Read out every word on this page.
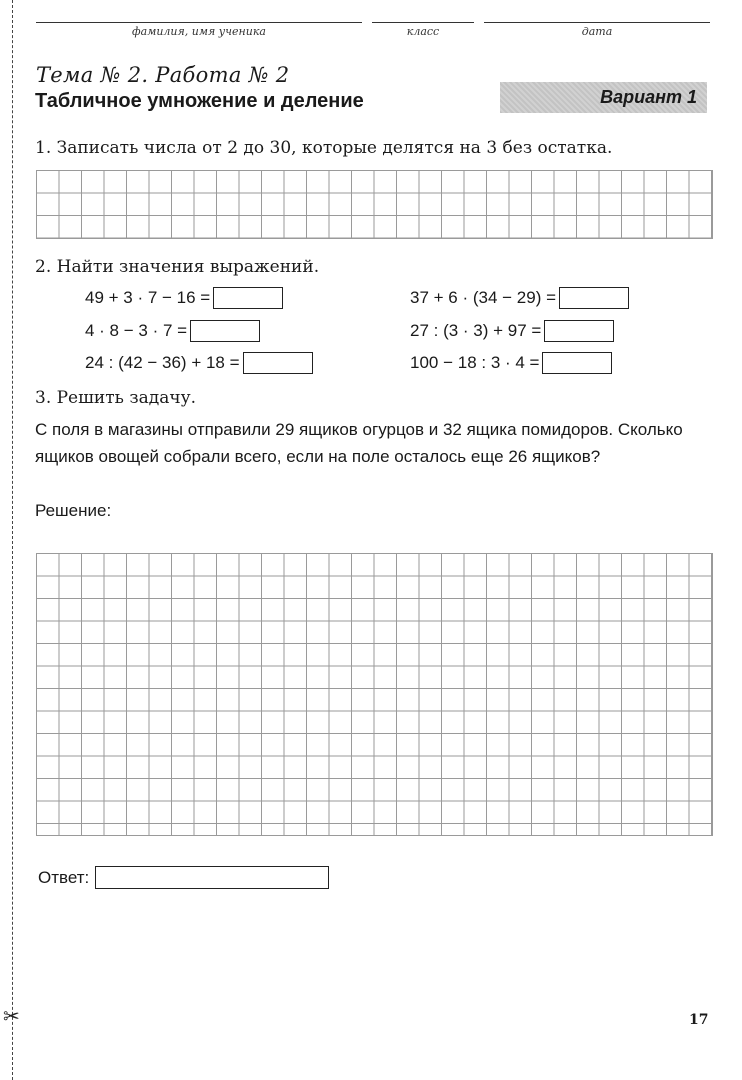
✂
фамилия, имя ученика	класс	дата
Тема № 2. Работа № 2
Табличное умножение и деление	Вариант 1
1. Записать числа от 2 до 30, которые делятся на 3 без остатка.
2. Найти значения выражений.
49 + 3 · 7 − 16 =
4 · 8 − 3 · 7 =
24 : (42 − 36) + 18 =
37 + 6 · (34 − 29) =
27 : (3 · 3) + 97 =
100 − 18 : 3 · 4 =
3. Решить задачу.
С поля в магазины отправили 29 ящиков огурцов и 32 ящика помидоров. Сколько ящиков овощей собрали всего, если на поле осталось еще 26 ящиков?
Решение:
Ответ:
17
